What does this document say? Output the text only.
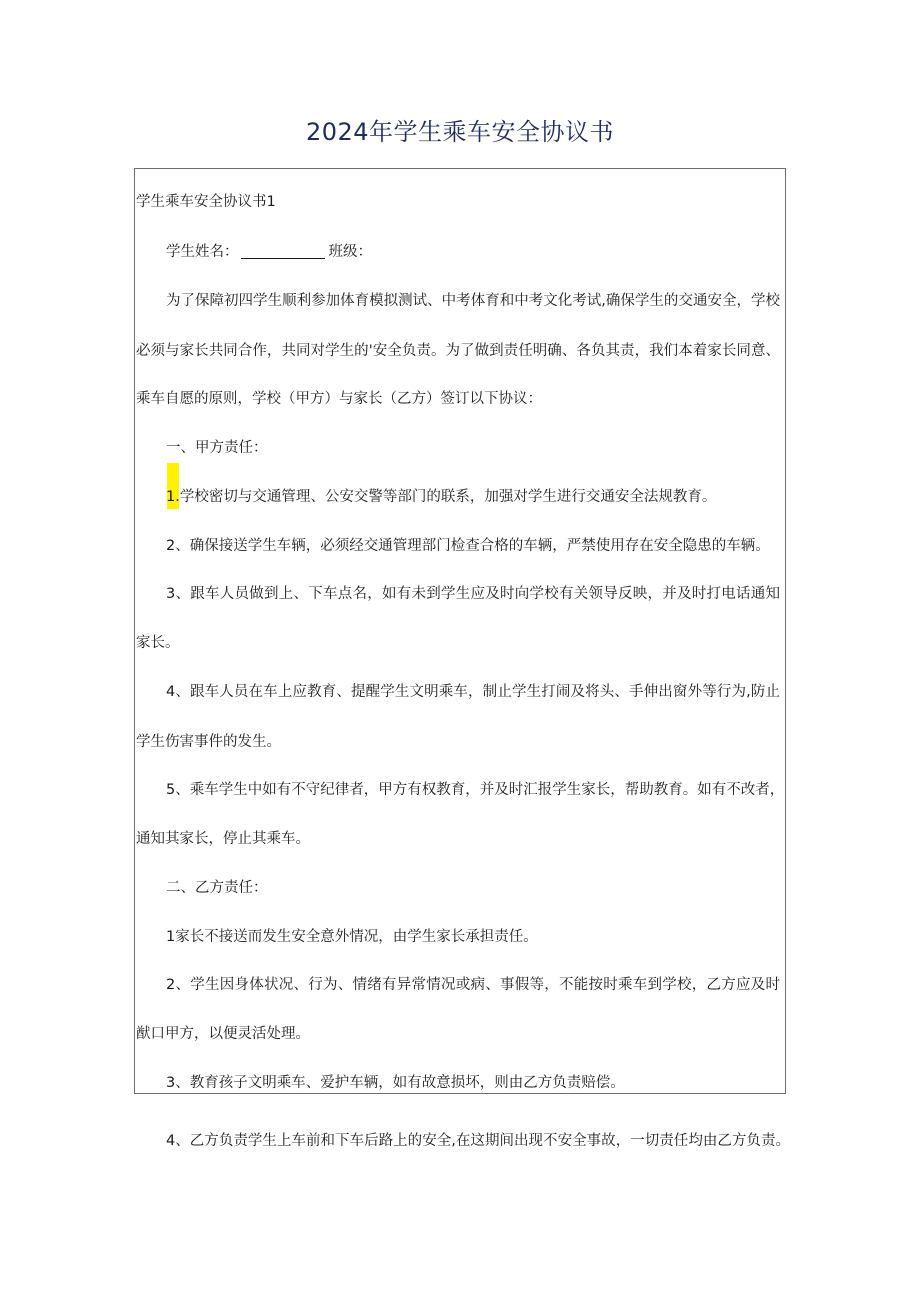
2024年学生乘车安全协议书
学生乘车安全协议书1
学生姓名：	班级：
为了保障初四学生顺利参加体育模拟测试、中考体育和中考文化考试,确保学生的交通安全，学校
必须与家长共同合作，共同对学生的'安全负责。为了做到责任明确、各负其责，我们本着家长同意、
乘车自愿的原则，学校（甲方）与家长（乙方）签订以下协议：
一、甲方责任：
1.学校密切与交通管理、公安交警等部门的联系，加强对学生进行交通安全法规教育。
2、确保接送学生车辆，必须经交通管理部门检查合格的车辆，严禁使用存在安全隐患的车辆。
3、跟车人员做到上、下车点名，如有未到学生应及时向学校有关领导反映，并及时打电话通知
家长。
4、跟车人员在车上应教育、提醒学生文明乘车，制止学生打闹及将头、手伸出窗外等行为,防止
学生伤害事件的发生。
5、乘车学生中如有不守纪律者，甲方有权教育，并及时汇报学生家长，帮助教育。如有不改者，
通知其家长，停止其乘车。
二、乙方责任：
1家长不接送而发生安全意外情况，由学生家长承担责任。
2、学生因身体状况、行为、情绪有异常情况或病、事假等，不能按时乘车到学校，乙方应及时
猷口甲方，以便灵活处理。
3、教育孩子文明乘车、爱护车辆，如有故意损坏，则由乙方负责赔偿。
4、乙方负责学生上车前和下车后路上的安全,在这期间出现不安全事故，一切责任均由乙方负责。
